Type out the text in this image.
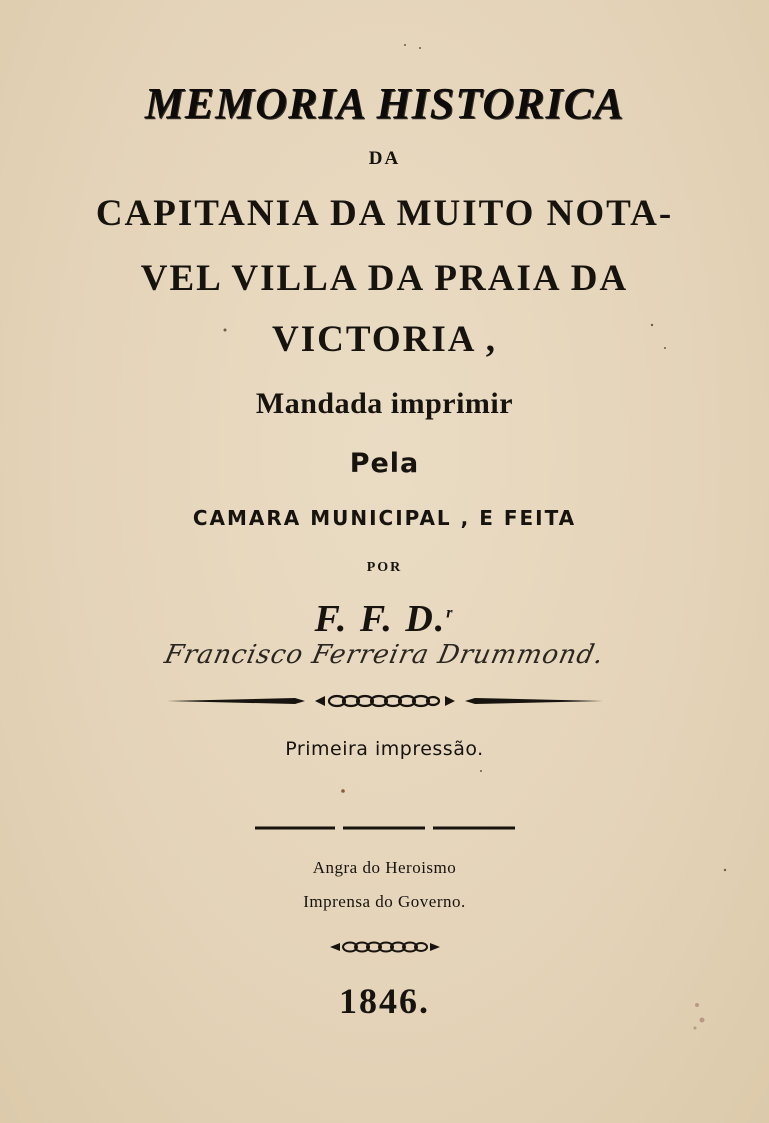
MEMORIA HISTORICA
DA
CAPITANIA DA MUITO NOTA-
VEL VILLA DA PRAIA DA
VICTORIA ,
Mandada imprimir
Pela
CAMARA MUNICIPAL , E FEITA
POR
F. F. D.$^r$
Francisco Ferreira Drummond.
Primeira impressão.
Angra do Heroismo
Imprensa do Governo.
1846.
